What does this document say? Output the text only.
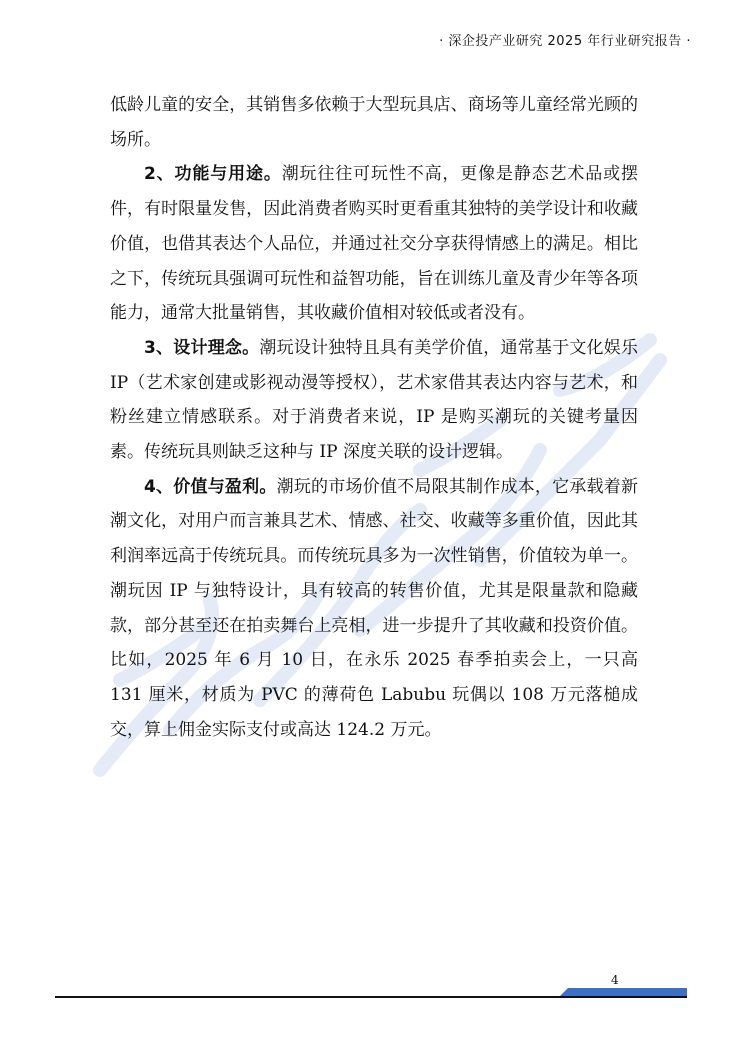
· 深企投产业研究 2025 年行业研究报告 ·

低龄儿童的安全，其销售多依赖于大型玩具店、商场等儿童经常光顾的场所。

2、功能与用途。潮玩往往可玩性不高，更像是静态艺术品或摆件，有时限量发售，因此消费者购买时更看重其独特的美学设计和收藏价值，也借其表达个人品位，并通过社交分享获得情感上的满足。相比之下，传统玩具强调可玩性和益智功能，旨在训练儿童及青少年等各项能力，通常大批量销售，其收藏价值相对较低或者没有。

3、设计理念。潮玩设计独特且具有美学价值，通常基于文化娱乐 IP（艺术家创建或影视动漫等授权），艺术家借其表达内容与艺术，和粉丝建立情感联系。对于消费者来说，IP 是购买潮玩的关键考量因素。传统玩具则缺乏这种与 IP 深度关联的设计逻辑。

4、价值与盈利。潮玩的市场价值不局限其制作成本，它承载着新潮文化，对用户而言兼具艺术、情感、社交、收藏等多重价值，因此其利润率远高于传统玩具。而传统玩具多为一次性销售，价值较为单一。潮玩因 IP 与独特设计，具有较高的转售价值，尤其是限量款和隐藏款，部分甚至还在拍卖舞台上亮相，进一步提升了其收藏和投资价值。比如，2025 年 6 月 10 日，在永乐 2025 春季拍卖会上，一只高 131 厘米，材质为 PVC 的薄荷色 Labubu 玩偶以 108 万元落槌成交，算上佣金实际支付或高达 124.2 万元。

4
